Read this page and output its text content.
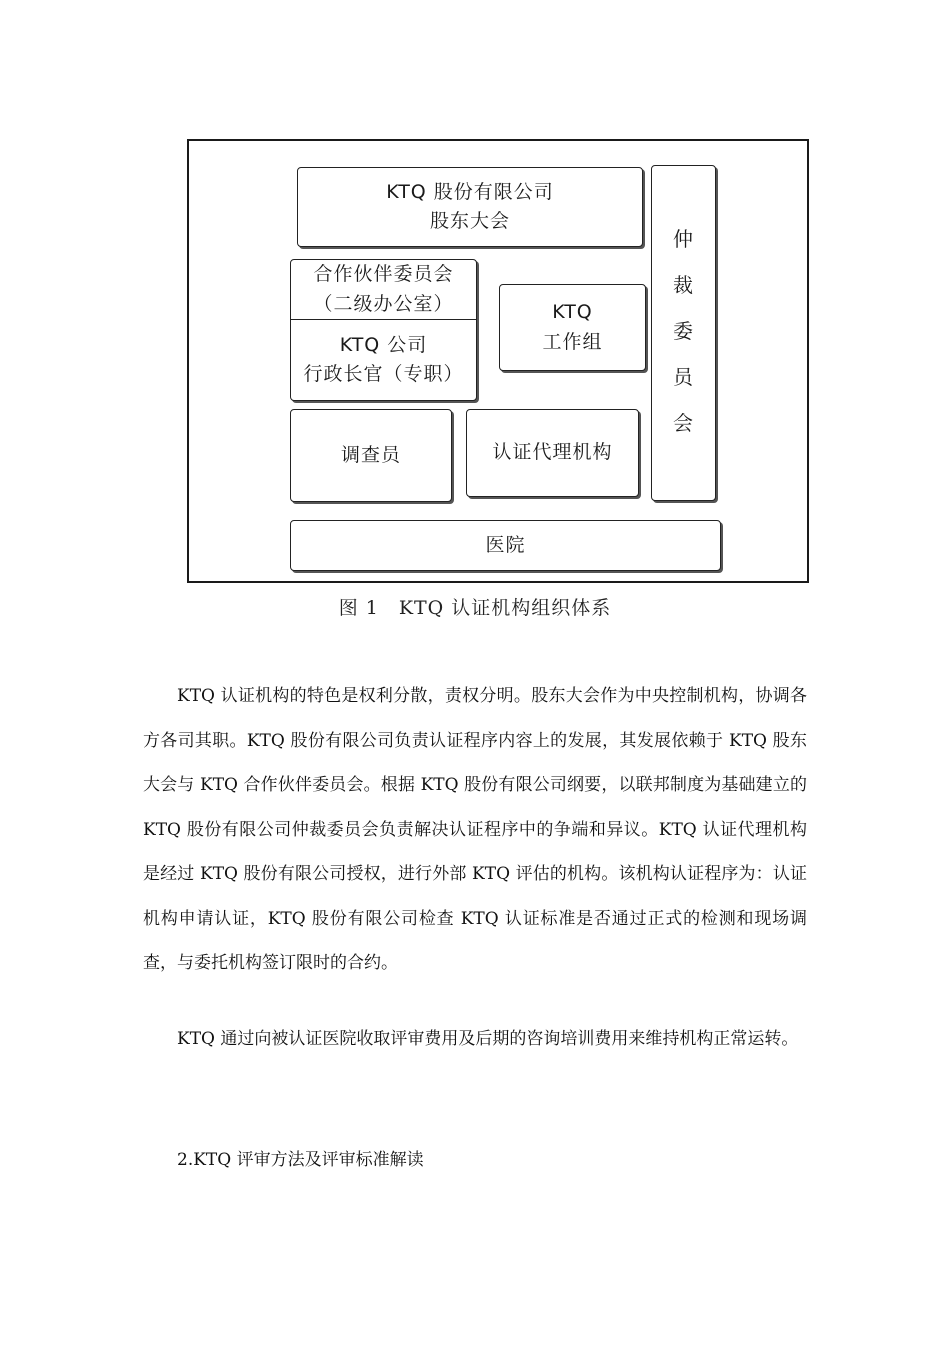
KTQ 股份有限公司
股东大会
合作伙伴委员会
（二级办公室）
KTQ 公司
行政长官（专职）
KTQ
工作组
仲
裁
委
员
会
调查员	认证代理机构
医院
图 1　KTQ 认证机构组织体系

KTQ 认证机构的特色是权利分散，责权分明。股东大会作为中央控制机构，协调各方各司其职。KTQ 股份有限公司负责认证程序内容上的发展，其发展依赖于 KTQ 股东大会与 KTQ 合作伙伴委员会。根据 KTQ 股份有限公司纲要，以联邦制度为基础建立的 KTQ 股份有限公司仲裁委员会负责解决认证程序中的争端和异议。KTQ 认证代理机构是经过 KTQ 股份有限公司授权，进行外部 KTQ 评估的机构。该机构认证程序为：认证机构申请认证，KTQ 股份有限公司检查 KTQ 认证标准是否通过正式的检测和现场调查，与委托机构签订限时的合约。

KTQ 通过向被认证医院收取评审费用及后期的咨询培训费用来维持机构正常运转。

2.KTQ 评审方法及评审标准解读
